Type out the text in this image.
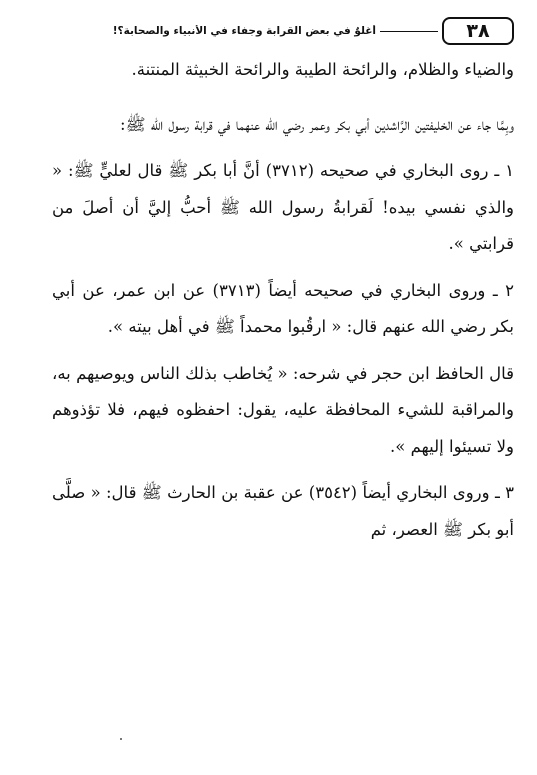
٣٨
أغلوٌ في بعض القرابة وجفاء في الأنبياء والصحابة؟!

والضياء والظلام، والرائحة الطيبة والرائحة الخبيثة المنتنة.

وبِمَّا جاء عن الخليفتين الرَّاشدين أبي بكر وعمر رضي الله عنهما في قرابة رسول الله ﷺ:

١ ـ روى البخاري في صحيحه (٣٧١٢) أنَّ أبا بكر ﷺ قال لعليٍّ ﷺ: « والذي نفسي بيده! لَقرابةُ رسول الله ﷺ أحبُّ إليَّ أن أصلَ من قرابتي ».

٢ ـ وروى البخاري في صحيحه أيضاً (٣٧١٣) عن ابن عمر، عن أبي بكر رضي الله عنهم قال: « ارقُبوا محمداً ﷺ في أهل بيته ».

قال الحافظ ابن حجر في شرحه: « يُخاطب بذلك الناس ويوصيهم به، والمراقبة للشيء المحافظة عليه، يقول: احفظوه فيهم، فلا تؤذوهم ولا تسيئوا إليهم ».

٣ ـ وروى البخاري أيضاً (٣٥٤٢) عن عقبة بن الحارث ﷺ قال: « صلَّى أبو بكر ﷺ العصر، ثم
